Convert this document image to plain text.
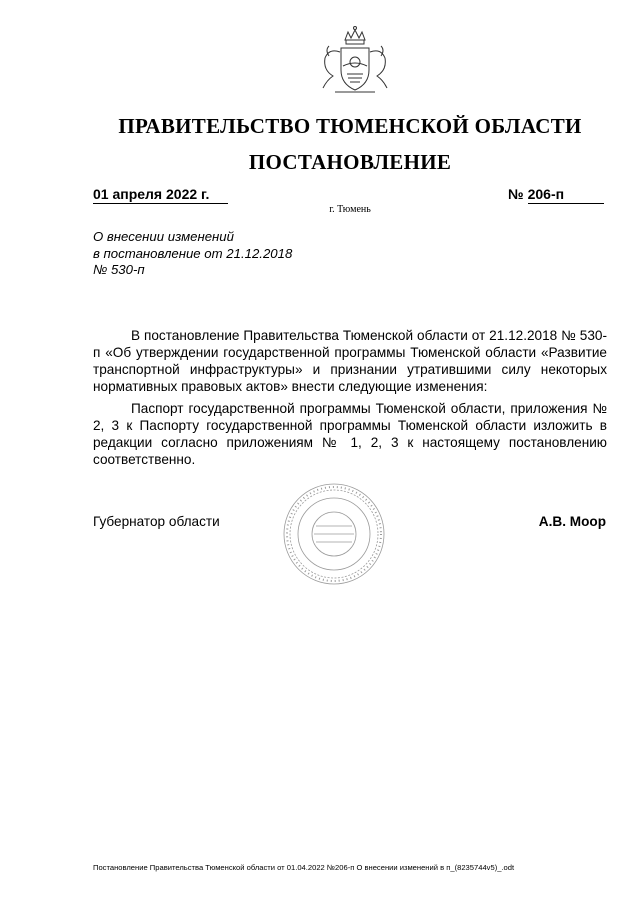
ПРАВИТЕЛЬСТВО ТЮМЕНСКОЙ ОБЛАСТИ
ПОСТАНОВЛЕНИЕ
01 апреля 2022 г.	№ 206-п
г. Тюмень
О внесении изменений
в постановление от 21.12.2018
№ 530-п

В постановление Правительства Тюменской области от 21.12.2018 № 530-п «Об утверждении государственной программы Тюменской области «Развитие транспортной инфраструктуры» и признании утратившими силу некоторых нормативных правовых актов» внести следующие изменения:

Паспорт государственной программы Тюменской области, приложения № 2, 3 к Паспорту государственной программы Тюменской области изложить в редакции согласно приложениям № 1, 2, 3 к настоящему постановлению соответственно.

Губернатор области	А.В. Моор
Постановление Правительства Тюменской области от 01.04.2022 №206-п О внесении изменений в п_(8235744v5)_.odt
